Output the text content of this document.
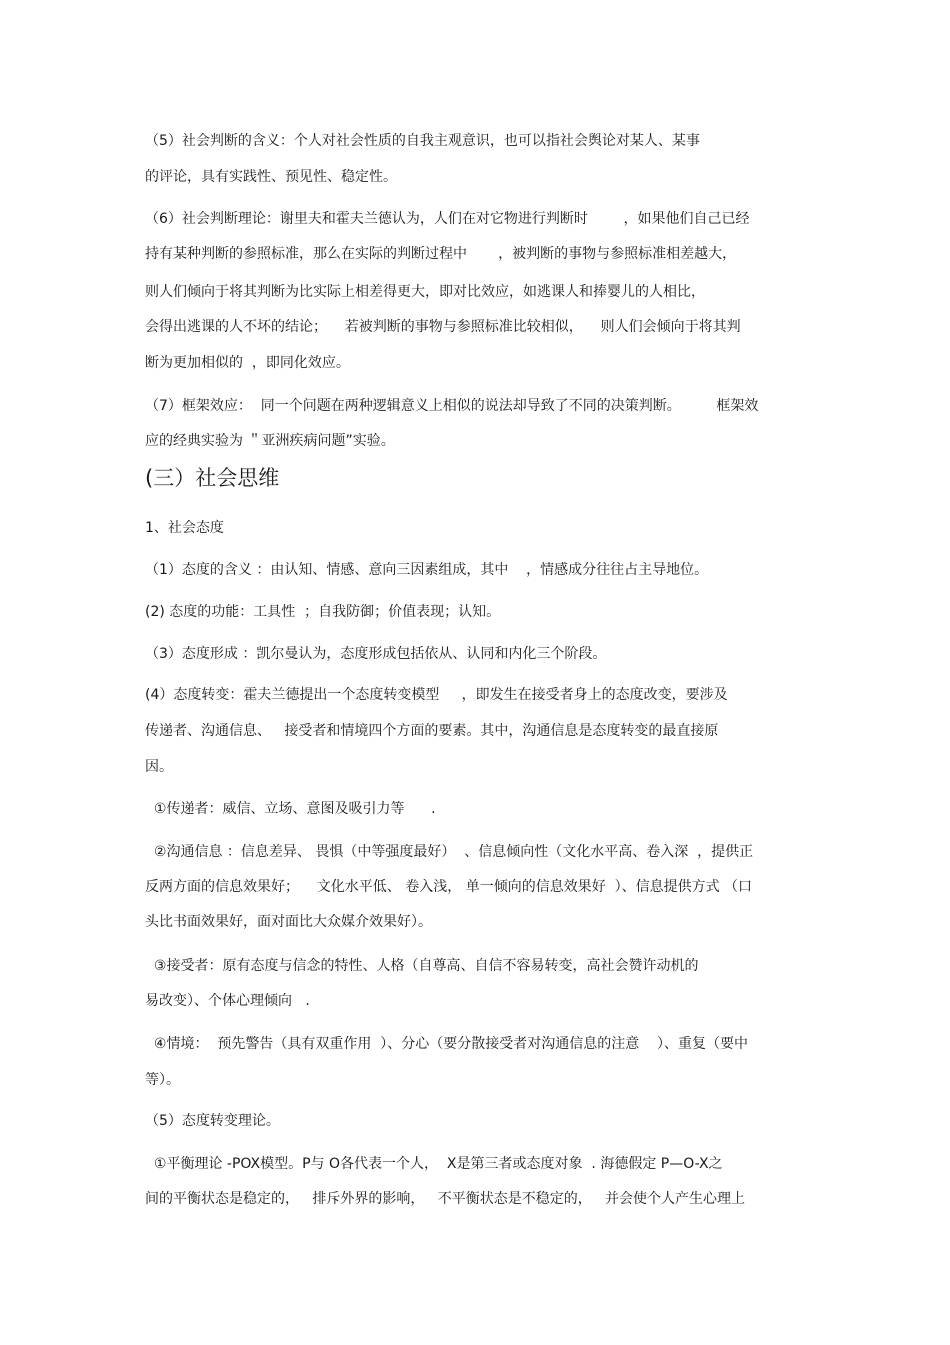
（5）社会判断的含义：个人对社会性质的自我主观意识，也可以指社会舆论对某人、某事
的评论，具有实践性、预见性、稳定性。
（6）社会判断理论：谢里夫和霍夫兰德认为，人们在对它物进行判断时        ，如果他们自己已经
持有某种判断的参照标准，那么在实际的判断过程中       ，被判断的事物与参照标准相差越大，
则人们倾向于将其判断为比实际上相差得更大，即对比效应，如逃课人和捧婴儿的人相比，
会得出逃课的人不坏的结论；    若被判断的事物与参照标准比较相似，    则人们会倾向于将其判
断为更加相似的  ，即同化效应。
（7）框架效应：  同一个问题在两种逻辑意义上相似的说法却导致了不同的决策判断。        框架效
应的经典实验为 ＂亚洲疾病问题”实验。
(三）社会思维
1、社会态度
（1）态度的含义 ：由认知、情感、意向三因素组成，其中    ，情感成分往往占主导地位。
(2) 态度的功能：工具性  ；自我防御；价值表现；认知。
（3）态度形成 ：凯尔曼认为，态度形成包括依从、认同和内化三个阶段。
(4）态度转变：霍夫兰德提出一个态度转变模型     ，即发生在接受者身上的态度改变，要涉及
传递者、沟通信息、   接受者和情境四个方面的要素。其中，沟通信息是态度转变的最直接原
因。
①传递者：威信、立场、意图及吸引力等      .
②沟通信息 ：信息差异、 畏惧（中等强度最好）  、信息倾向性（文化水平高、卷入深  ，提供正
反两方面的信息效果好；    文化水平低、 卷入浅， 单一倾向的信息效果好  ）、信息提供方式 （口
头比书面效果好，面对面比大众媒介效果好）。
③接受者：原有态度与信念的特性、人格（自尊高、自信不容易转变，高社会赞许动机的
易改变）、个体心理倾向   .
④情境：  预先警告（具有双重作用  ）、分心（要分散接受者对沟通信息的注意    ）、重复（要中
等）。
（5）态度转变理论。
①平衡理论 -POX模型。P与 O各代表一个人，  X是第三者或态度对象  . 海德假定 P—O-X之
间的平衡状态是稳定的，   排斥外界的影响，   不平衡状态是不稳定的，   并会使个人产生心理上
